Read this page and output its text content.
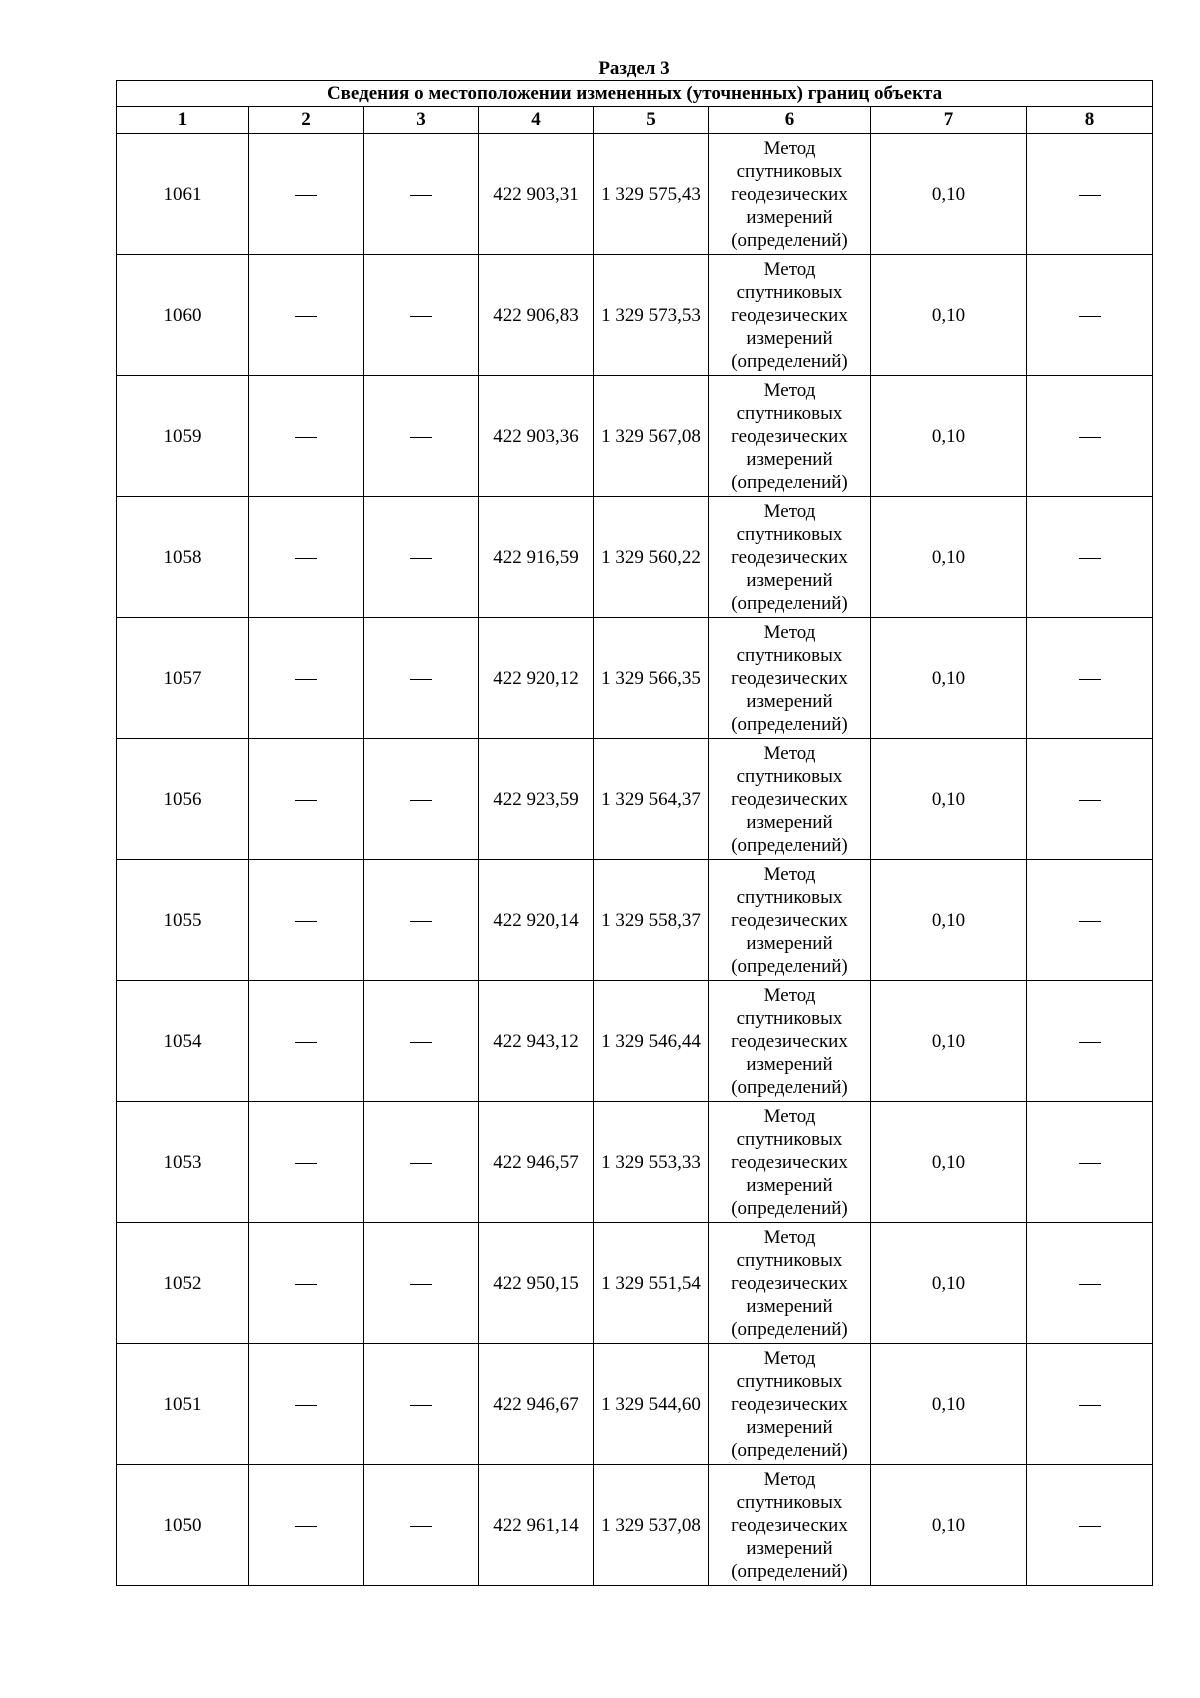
Раздел 3
Сведения о местоположении измененных (уточненных) границ объекта							
1	2	3	4	5	6	7	8
1061			422 903,31	1 329 575,43	Метод спутниковых геодезических измерений (определений)	0,10	
1060			422 906,83	1 329 573,53	Метод спутниковых геодезических измерений (определений)	0,10	
1059			422 903,36	1 329 567,08	Метод спутниковых геодезических измерений (определений)	0,10	
1058			422 916,59	1 329 560,22	Метод спутниковых геодезических измерений (определений)	0,10	
1057			422 920,12	1 329 566,35	Метод спутниковых геодезических измерений (определений)	0,10	
1056			422 923,59	1 329 564,37	Метод спутниковых геодезических измерений (определений)	0,10	
1055			422 920,14	1 329 558,37	Метод спутниковых геодезических измерений (определений)	0,10	
1054			422 943,12	1 329 546,44	Метод спутниковых геодезических измерений (определений)	0,10	
1053			422 946,57	1 329 553,33	Метод спутниковых геодезических измерений (определений)	0,10	
1052			422 950,15	1 329 551,54	Метод спутниковых геодезических измерений (определений)	0,10	
1051			422 946,67	1 329 544,60	Метод спутниковых геодезических измерений (определений)	0,10	
1050			422 961,14	1 329 537,08	Метод спутниковых геодезических измерений (определений)	0,10	
